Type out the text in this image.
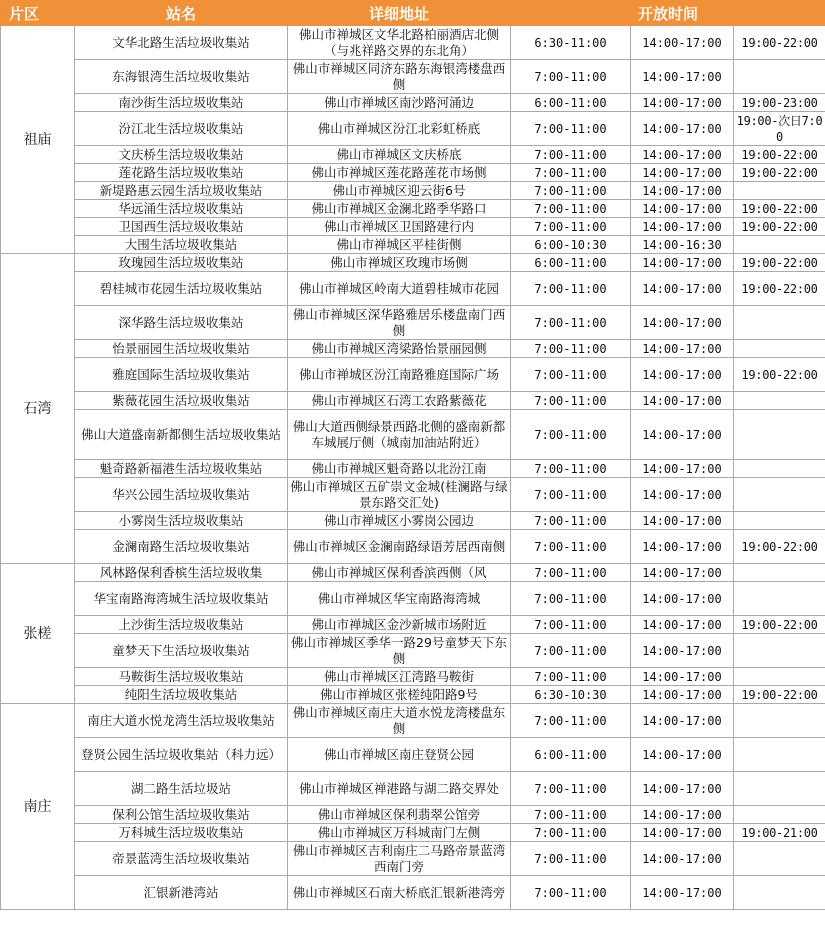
片区	站名	详细地址	开放时间		
祖庙	文华北路生活垃圾收集站	佛山市禅城区文华北路柏丽酒店北侧（与兆祥路交界的东北角）	6:30-11:00	14:00-17:00	19:00-22:00
	东海银湾生活垃圾收集站	佛山市禅城区同济东路东海银湾楼盘西侧	7:00-11:00	14:00-17:00	
	南沙街生活垃圾收集站	佛山市禅城区南沙路河涌边	6:00-11:00	14:00-17:00	19:00-23:00
	汾江北生活垃圾收集站	佛山市禅城区汾江北彩虹桥底	7:00-11:00	14:00-17:00	19:00-次日7:00
	文庆桥生活垃圾收集站	佛山市禅城区文庆桥底	7:00-11:00	14:00-17:00	19:00-22:00
	莲花路生活垃圾收集站	佛山市禅城区莲花路莲花市场侧	7:00-11:00	14:00-17:00	19:00-22:00
	新堤路惠云园生活垃圾收集站	佛山市禅城区迎云街6号	7:00-11:00	14:00-17:00	
	华远涌生活垃圾收集站	佛山市禅城区金澜北路季华路口	7:00-11:00	14:00-17:00	19:00-22:00
	卫国西生活垃圾收集站	佛山市禅城区卫国路建行内	7:00-11:00	14:00-17:00	19:00-22:00
	大围生活垃圾收集站	佛山市禅城区平桂街侧	6:00-10:30	14:00-16:30	
石湾	玫瑰园生活垃圾收集站	佛山市禅城区玫瑰市场侧	6:00-11:00	14:00-17:00	19:00-22:00
	碧桂城市花园生活垃圾收集站	佛山市禅城区岭南大道碧桂城市花园	7:00-11:00	14:00-17:00	19:00-22:00
	深华路生活垃圾收集站	佛山市禅城区深华路雅居乐楼盘南门西侧	7:00-11:00	14:00-17:00	
	怡景丽园生活垃圾收集站	佛山市禅城区湾梁路怡景丽园侧	7:00-11:00	14:00-17:00	
	雅庭国际生活垃圾收集站	佛山市禅城区汾江南路雅庭国际广场	7:00-11:00	14:00-17:00	19:00-22:00
	紫薇花园生活垃圾收集站	佛山市禅城区石湾工农路紫薇花	7:00-11:00	14:00-17:00	
	佛山大道盛南新都侧生活垃圾收集站	佛山大道西侧绿景西路北侧的盛南新都车城展厅侧（城南加油站附近）	7:00-11:00	14:00-17:00	
	魁奇路新福港生活垃圾收集站	佛山市禅城区魁奇路以北汾江南	7:00-11:00	14:00-17:00	
	华兴公园生活垃圾收集站	佛山市禅城区五矿崇文金城(桂澜路与绿景东路交汇处)	7:00-11:00	14:00-17:00	
	小雾岗生活垃圾收集站	佛山市禅城区小雾岗公园边	7:00-11:00	14:00-17:00	
	金澜南路生活垃圾收集站	佛山市禅城区金澜南路绿语芳居西南侧	7:00-11:00	14:00-17:00	19:00-22:00
张槎	风林路保利香槟生活垃圾收集	佛山市禅城区保利香滨西侧（风	7:00-11:00	14:00-17:00	
	华宝南路海湾城生活垃圾收集站	佛山市禅城区华宝南路海湾城	7:00-11:00	14:00-17:00	
	上沙街生活垃圾收集站	佛山市禅城区金沙新城市场附近	7:00-11:00	14:00-17:00	19:00-22:00
	童梦天下生活垃圾收集站	佛山市禅城区季华一路29号童梦天下东侧	7:00-11:00	14:00-17:00	
	马鞍街生活垃圾收集站	佛山市禅城区江湾路马鞍街	7:00-11:00	14:00-17:00	
	纯阳生活垃圾收集站	佛山市禅城区张槎纯阳路9号	6:30-10:30	14:00-17:00	19:00-22:00
南庄	南庄大道水悦龙湾生活垃圾收集站	佛山市禅城区南庄大道水悦龙湾楼盘东侧	7:00-11:00	14:00-17:00	
	登贤公园生活垃圾收集站（科力远）	佛山市禅城区南庄登贤公园	6:00-11:00	14:00-17:00	
	湖二路生活垃圾站	佛山市禅城区禅港路与湖二路交界处	7:00-11:00	14:00-17:00	
	保利公馆生活垃圾收集站	佛山市禅城区保利翡翠公馆旁	7:00-11:00	14:00-17:00	
	万科城生活垃圾收集站	佛山市禅城区万科城南门左侧	7:00-11:00	14:00-17:00	19:00-21:00
	帝景蓝湾生活垃圾收集站	佛山市禅城区吉利南庄二马路帝景蓝湾西南门旁	7:00-11:00	14:00-17:00	
	汇银新港湾站	佛山市禅城区石南大桥底汇银新港湾旁	7:00-11:00	14:00-17:00	
